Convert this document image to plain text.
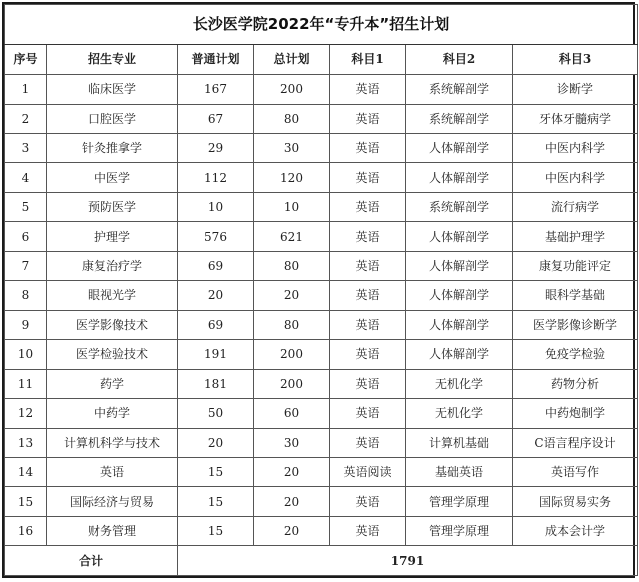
长沙医学院2022年“专升本”招生计划						
序号	招生专业	普通计划	总计划	科目1	科目2	科目3
1	临床医学	167	200	英语	系统解剖学	诊断学
2	口腔医学	67	80	英语	系统解剖学	牙体牙髓病学
3	针灸推拿学	29	30	英语	人体解剖学	中医内科学
4	中医学	112	120	英语	人体解剖学	中医内科学
5	预防医学	10	10	英语	系统解剖学	流行病学
6	护理学	576	621	英语	人体解剖学	基础护理学
7	康复治疗学	69	80	英语	人体解剖学	康复功能评定
8	眼视光学	20	20	英语	人体解剖学	眼科学基础
9	医学影像技术	69	80	英语	人体解剖学	医学影像诊断学
10	医学检验技术	191	200	英语	人体解剖学	免疫学检验
11	药学	181	200	英语	无机化学	药物分析
12	中药学	50	60	英语	无机化学	中药炮制学
13	计算机科学与技术	20	30	英语	计算机基础	C语言程序设计
14	英语	15	20	英语阅读	基础英语	英语写作
15	国际经济与贸易	15	20	英语	管理学原理	国际贸易实务
16	财务管理	15	20	英语	管理学原理	成本会计学
合计		1791				
